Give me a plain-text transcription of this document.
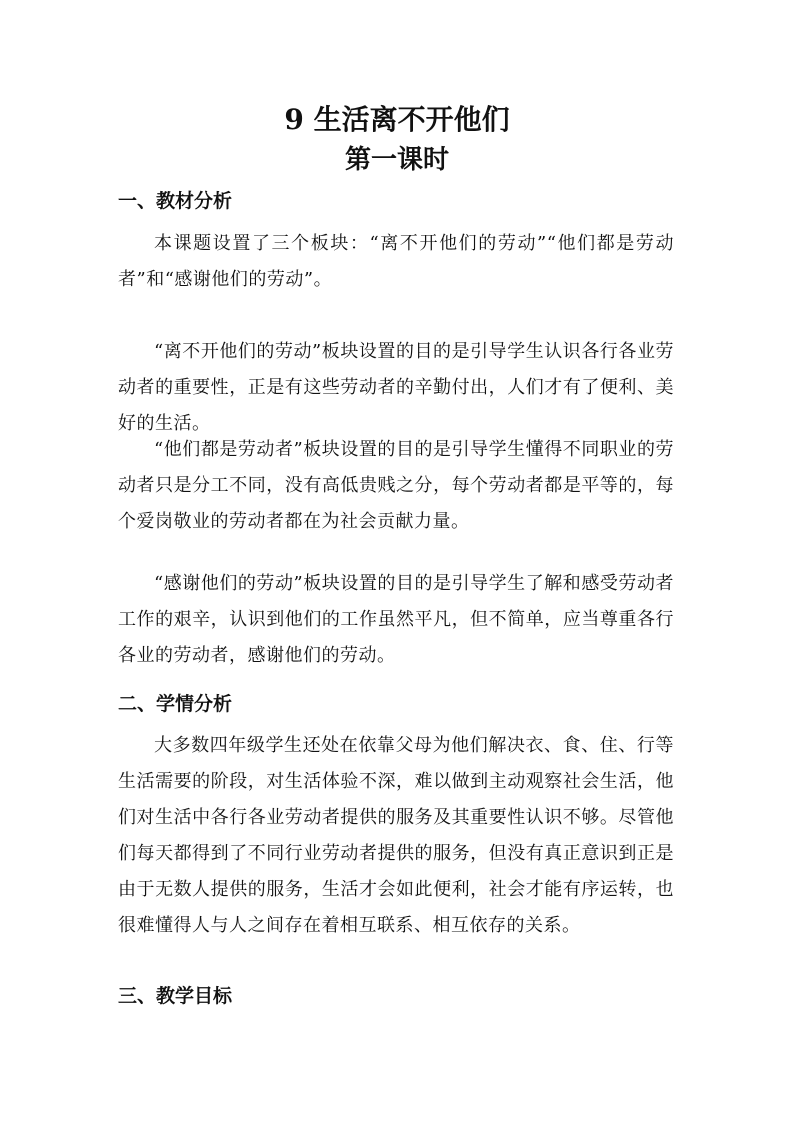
9 生活离不开他们
第一课时
一、教材分析

本课题设置了三个板块：“离不开他们的劳动”“他们都是劳动者”和“感谢他们的劳动”。

“离不开他们的劳动”板块设置的目的是引导学生认识各行各业劳动者的重要性，正是有这些劳动者的辛勤付出，人们才有了便利、美好的生活。

“他们都是劳动者”板块设置的目的是引导学生懂得不同职业的劳动者只是分工不同，没有高低贵贱之分，每个劳动者都是平等的，每个爱岗敬业的劳动者都在为社会贡献力量。

“感谢他们的劳动”板块设置的目的是引导学生了解和感受劳动者工作的艰辛，认识到他们的工作虽然平凡，但不简单，应当尊重各行各业的劳动者，感谢他们的劳动。

二、学情分析

大多数四年级学生还处在依靠父母为他们解决衣、食、住、行等生活需要的阶段，对生活体验不深，难以做到主动观察社会生活，他们对生活中各行各业劳动者提供的服务及其重要性认识不够。尽管他们每天都得到了不同行业劳动者提供的服务，但没有真正意识到正是由于无数人提供的服务，生活才会如此便利，社会才能有序运转，也很难懂得人与人之间存在着相互联系、相互依存的关系。

三、教学目标
